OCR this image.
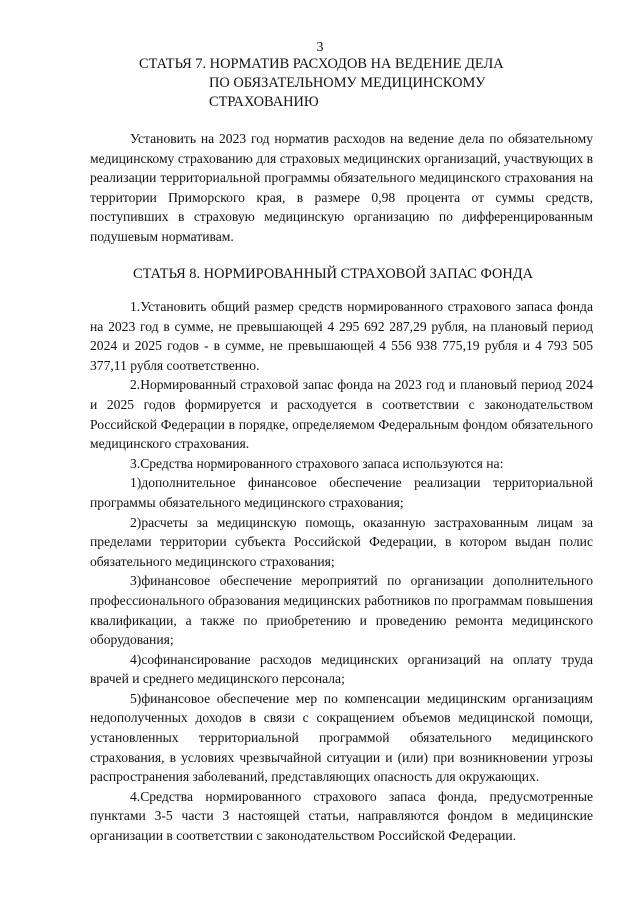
3
СТАТЬЯ 7. НОРМАТИВ РАСХОДОВ НА ВЕДЕНИЕ ДЕЛА
ПО ОБЯЗАТЕЛЬНОМУ МЕДИЦИНСКОМУ
СТРАХОВАНИЮ

Установить на 2023 год норматив расходов на ведение дела по обязательному медицинскому страхованию для страховых медицинских организаций, участвующих в реализации территориальной программы обязательного медицинского страхования на территории Приморского края, в размере 0,98 процента от суммы средств, поступивших в страховую медицинскую организацию по дифференцированным подушевым нормативам.

СТАТЬЯ 8. НОРМИРОВАННЫЙ СТРАХОВОЙ ЗАПАС ФОНДА

1.Установить общий размер средств нормированного страхового запаса фонда на 2023 год в сумме, не превышающей 4 295 692 287,29 рубля, на плановый период 2024 и 2025 годов - в сумме, не превышающей 4 556 938 775,19 рубля и 4 793 505 377,11 рубля соответственно.

2.Нормированный страховой запас фонда на 2023 год и плановый период 2024 и 2025 годов формируется и расходуется в соответствии с законодательством Российской Федерации в порядке, определяемом Федеральным фондом обязательного медицинского страхования.

3.Средства нормированного страхового запаса используются на:

1)дополнительное финансовое обеспечение реализации территориальной программы обязательного медицинского страхования;

2)расчеты за медицинскую помощь, оказанную застрахованным лицам за пределами территории субъекта Российской Федерации, в котором выдан полис обязательного медицинского страхования;

3)финансовое обеспечение мероприятий по организации дополнительного профессионального образования медицинских работников по программам повышения квалификации, а также по приобретению и проведению ремонта медицинского оборудования;

4)софинансирование расходов медицинских организаций на оплату труда врачей и среднего медицинского персонала;

5)финансовое обеспечение мер по компенсации медицинским организациям недополученных доходов в связи с сокращением объемов медицинской помощи, установленных территориальной программой обязательного медицинского страхования, в условиях чрезвычайной ситуации и (или) при возникновении угрозы распространения заболеваний, представляющих опасность для окружающих.

4.Средства нормированного страхового запаса фонда, предусмотренные пунктами 3-5 части 3 настоящей статьи, направляются фондом в медицинские организации в соответствии с законодательством Российской Федерации.
